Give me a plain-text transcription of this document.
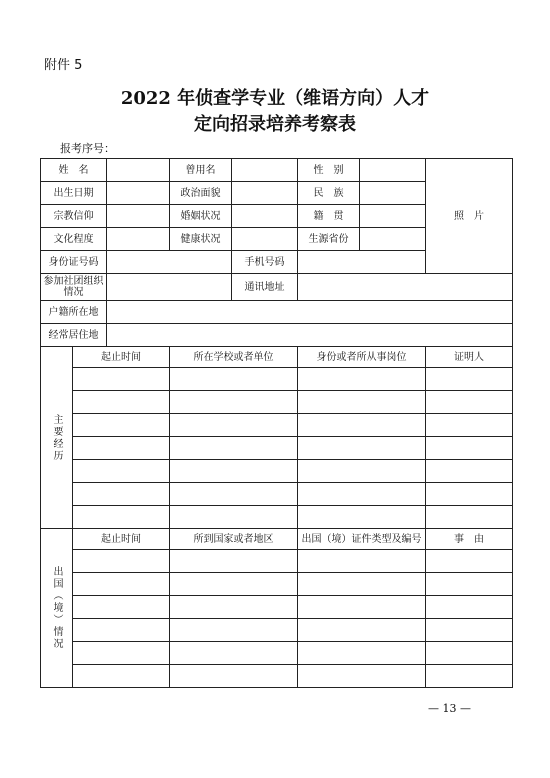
附件 5
2022 年侦查学专业（维语方向）人才
定向招录培养考察表
报考序号：
姓　名			曾用名		性　别		照　片
出生日期			政治面貌		民　族		
宗教信仰			婚姻状况		籍　贯		
文化程度			健康状况		生源省份		
身份证号码				手机号码			
参加社团组织情况				通讯地址			
户籍所在地							
经常居住地							
主要经历	起止时间		所在学校或者单位		身份或者所从事岗位		证明人

出国（境）情况	起止时间		所到国家或者地区		出国（境）证件类型及编号		事　由

— 13 —
